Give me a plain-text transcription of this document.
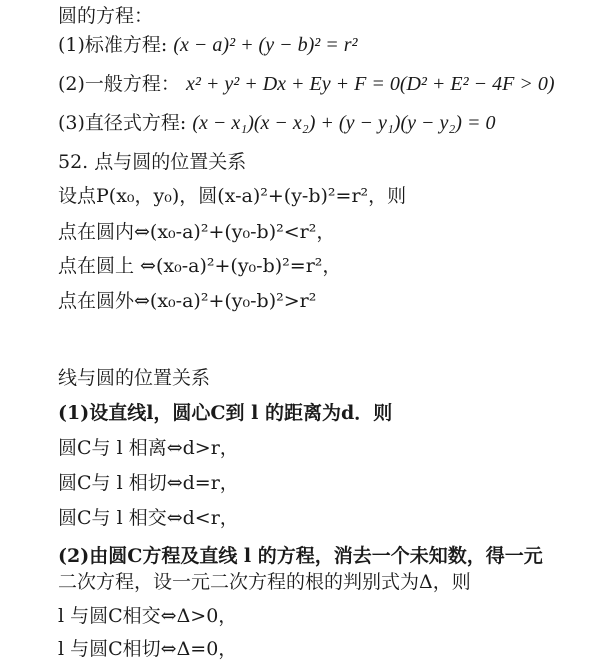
圆的方程：
(1)标准方程: (x − a)² + (y − b)² = r²
(2)一般方程： x² + y² + Dx + Ey + F = 0(D² + E² − 4F > 0)
(3)直径式方程: (x − x₁)(x − x₂) + (y − y₁)(y − y₂) = 0
52. 点与圆的位置关系
设点P(x₀，y₀)，圆(x-a)²+(y-b)²=r²，则
点在圆内⇔(x₀-a)²+(y₀-b)²<r²，
点在圆上 ⇔(x₀-a)²+(y₀-b)²=r²，
点在圆外⇔(x₀-a)²+(y₀-b)²>r²
线与圆的位置关系
(1)设直线l，圆心C到 l 的距离为d．则
圆C与 l 相离⇔d>r，
圆C与 l 相切⇔d=r，
圆C与 l 相交⇔d<r，
(2)由圆C方程及直线 l 的方程，消去一个未知数，得一元
二次方程，设一元二次方程的根的判别式为Δ，则
l 与圆C相交⇔Δ>0，
l 与圆C相切⇔Δ=0，
